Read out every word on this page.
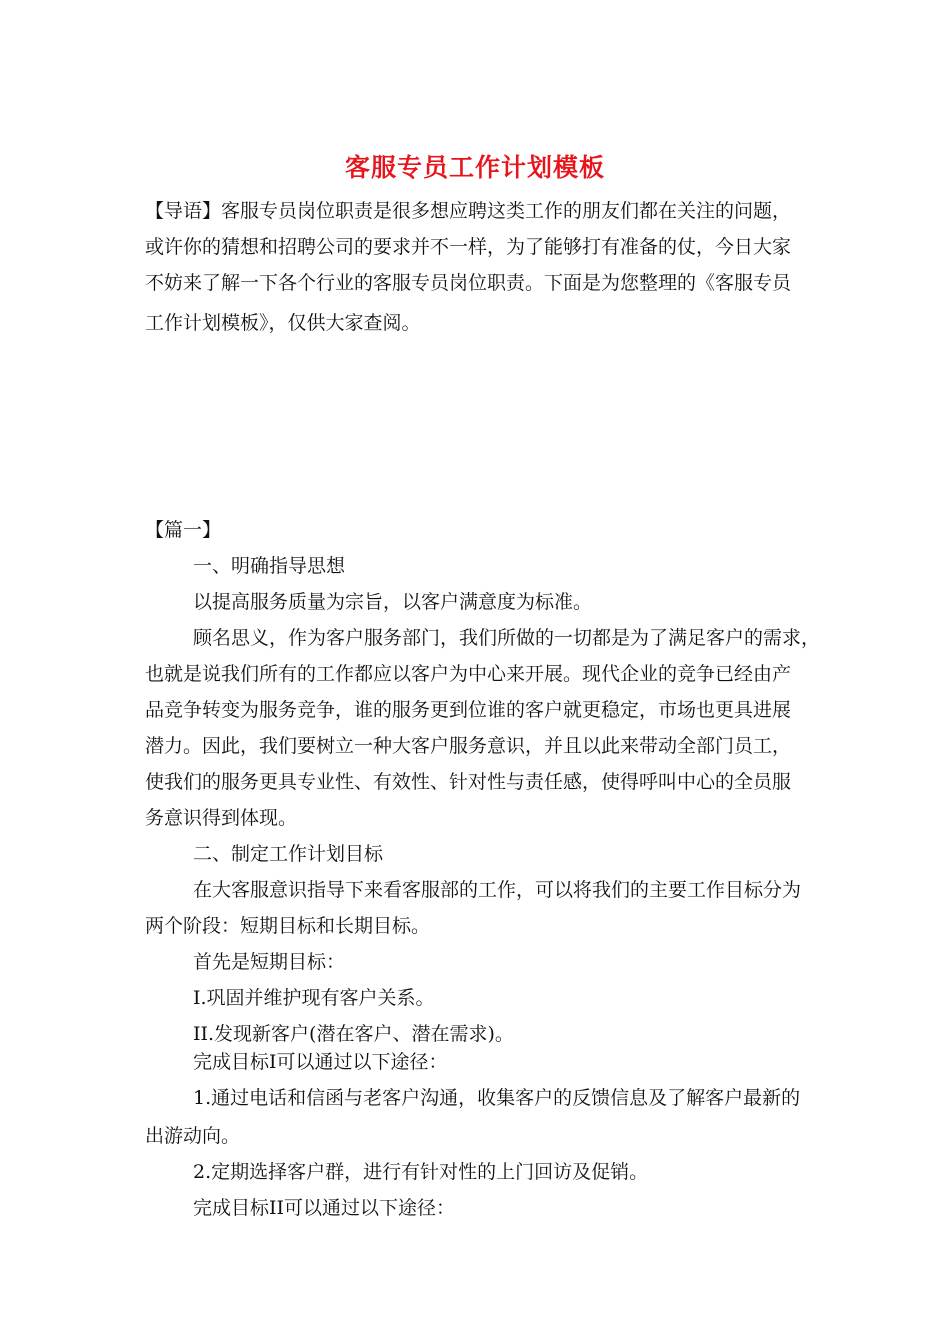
客服专员工作计划模板
【导语】客服专员岗位职责是很多想应聘这类工作的朋友们都在关注的问题，
或许你的猜想和招聘公司的要求并不一样，为了能够打有准备的仗，今日大家
不妨来了解一下各个行业的客服专员岗位职责。下面是为您整理的《客服专员
工作计划模板》，仅供大家查阅。
【篇一】
一、明确指导思想
以提高服务质量为宗旨，以客户满意度为标准。
顾名思义，作为客户服务部门，我们所做的一切都是为了满足客户的需求，
也就是说我们所有的工作都应以客户为中心来开展。现代企业的竞争已经由产
品竞争转变为服务竞争，谁的服务更到位谁的客户就更稳定，市场也更具进展
潜力。因此，我们要树立一种大客户服务意识，并且以此来带动全部门员工，
使我们的服务更具专业性、有效性、针对性与责任感，使得呼叫中心的全员服
务意识得到体现。
二、制定工作计划目标
在大客服意识指导下来看客服部的工作，可以将我们的主要工作目标分为
两个阶段：短期目标和长期目标。
首先是短期目标：
I.巩固并维护现有客户关系。
II.发现新客户(潜在客户、潜在需求)。
完成目标I可以通过以下途径：
1.通过电话和信函与老客户沟通，收集客户的反馈信息及了解客户最新的
出游动向。
2.定期选择客户群，进行有针对性的上门回访及促销。
完成目标II可以通过以下途径：
